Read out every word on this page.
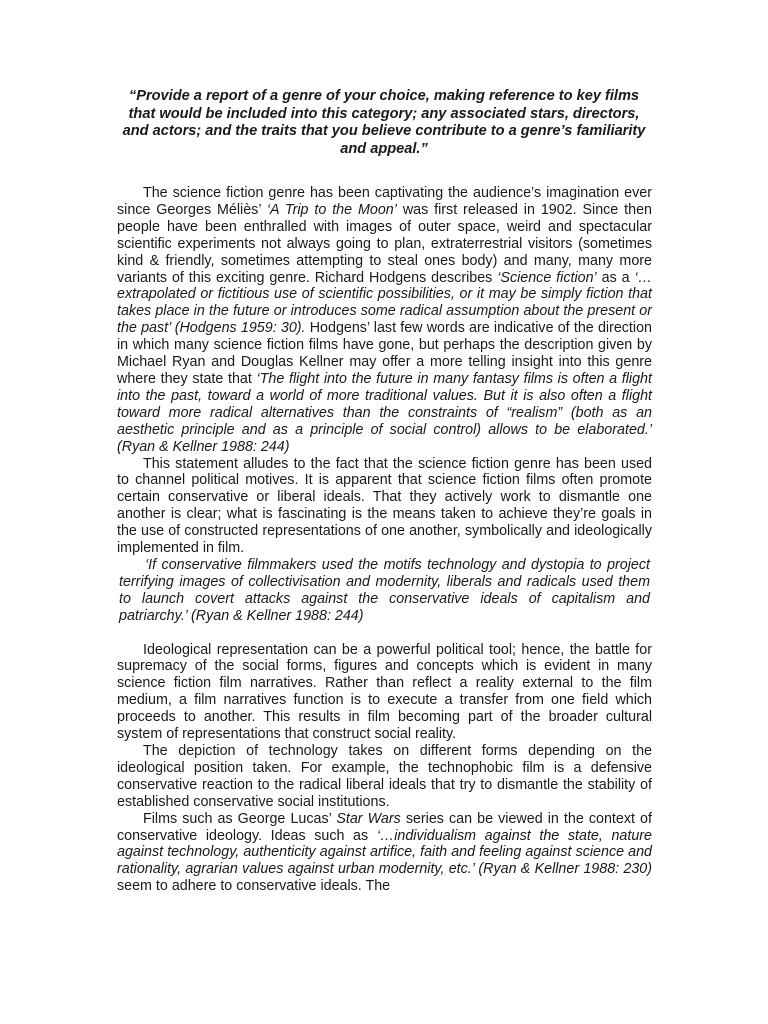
“Provide a report of a genre of your choice, making reference to key films that would be included into this category; any associated stars, directors, and actors; and the traits that you believe contribute to a genre’s familiarity and appeal.”

The science fiction genre has been captivating the audience’s imagination ever since Georges Méliès’ ‘A Trip to the Moon’ was first released in 1902. Since then people have been enthralled with images of outer space, weird and spectacular scientific experiments not always going to plan, extraterrestrial visitors (sometimes kind & friendly, sometimes attempting to steal ones body) and many, many more variants of this exciting genre. Richard Hodgens describes ‘Science fiction’ as a ‘…extrapolated or fictitious use of scientific possibilities, or it may be simply fiction that takes place in the future or introduces some radical assumption about the present or the past’ (Hodgens 1959: 30). Hodgens’ last few words are indicative of the direction in which many science fiction films have gone, but perhaps the description given by Michael Ryan and Douglas Kellner may offer a more telling insight into this genre where they state that ‘The flight into the future in many fantasy films is often a flight into the past, toward a world of more traditional values. But it is also often a flight toward more radical alternatives than the constraints of “realism” (both as an aesthetic principle and as a principle of social control) allows to be elaborated.’ (Ryan & Kellner 1988: 244)

This statement alludes to the fact that the science fiction genre has been used to channel political motives. It is apparent that science fiction films often promote certain conservative or liberal ideals. That they actively work to dismantle one another is clear; what is fascinating is the means taken to achieve they’re goals in the use of constructed representations of one another, symbolically and ideologically implemented in film.

‘If conservative filmmakers used the motifs technology and dystopia to project terrifying images of collectivisation and modernity, liberals and radicals used them to launch covert attacks against the conservative ideals of capitalism and patriarchy.’ (Ryan & Kellner 1988: 244)

Ideological representation can be a powerful political tool; hence, the battle for supremacy of the social forms, figures and concepts which is evident in many science fiction film narratives. Rather than reflect a reality external to the film medium, a film narratives function is to execute a transfer from one field which proceeds to another. This results in film becoming part of the broader cultural system of representations that construct social reality.

The depiction of technology takes on different forms depending on the ideological position taken. For example, the technophobic film is a defensive conservative reaction to the radical liberal ideals that try to dismantle the stability of established conservative social institutions.

Films such as George Lucas’ Star Wars series can be viewed in the context of conservative ideology. Ideas such as ‘…individualism against the state, nature against technology, authenticity against artifice, faith and feeling against science and rationality, agrarian values against urban modernity, etc.’ (Ryan & Kellner 1988: 230) seem to adhere to conservative ideals. The
